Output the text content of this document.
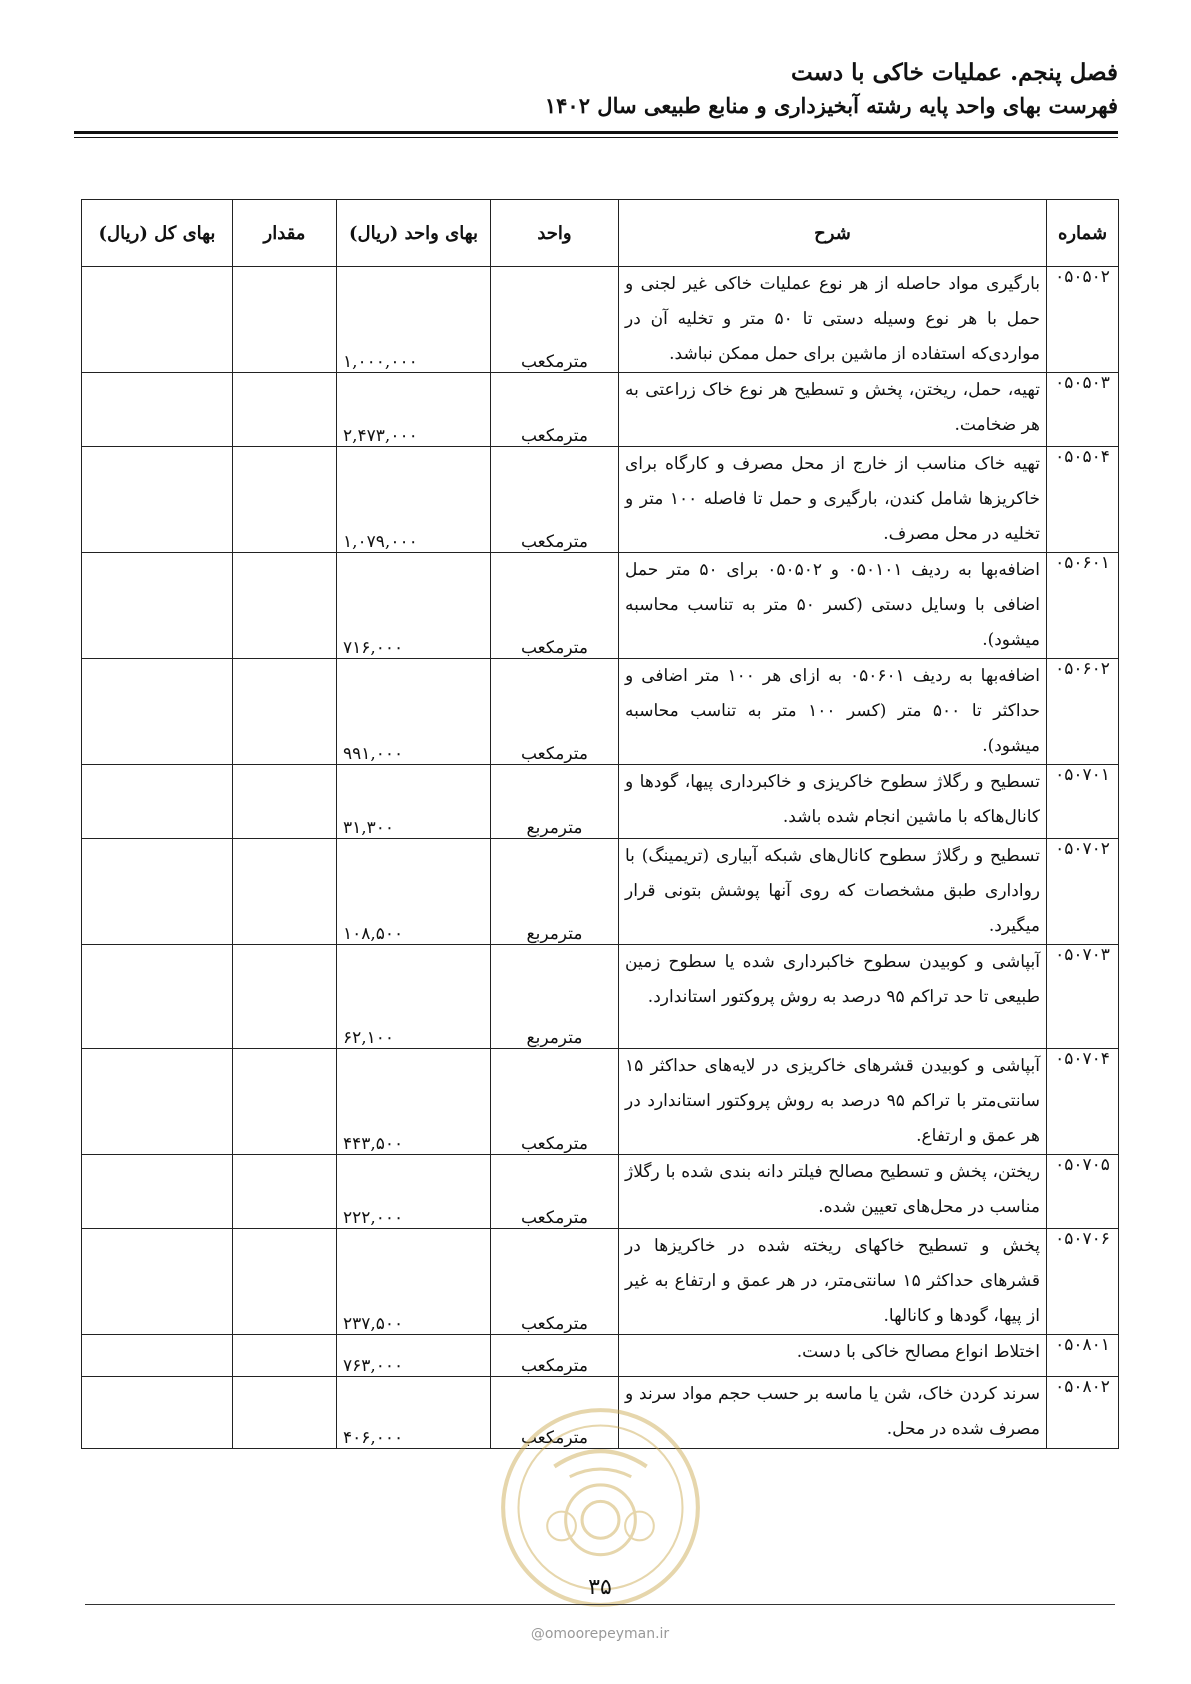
فصل پنجم. عملیات خاکی با دست
فهرست بهای واحد پایه رشته آبخیزداری و منابع طبیعی سال ۱۴۰۲
شماره	شرح	واحد	بهای واحد (ریال)	مقدار	بهای کل (ریال)
۰۵۰۵۰۲	بارگیری مواد حاصله از هر نوع عملیات خاکی غیر لجنی و حمل با هر نوع وسیله دستی تا ۵۰ متر و تخلیه آن در مواردی‌که استفاده از ماشین برای حمل ممکن نباشد.	مترمکعب	۱,۰۰۰,۰۰۰		
۰۵۰۵۰۳	تهیه، حمل، ریختن، پخش و تسطیح هر نوع خاک زراعتی به هر ضخامت.	مترمکعب	۲,۴۷۳,۰۰۰		
۰۵۰۵۰۴	تهیه خاک مناسب از خارج از محل مصرف و کارگاه برای خاکریزها شامل کندن، بارگیری و حمل تا فاصله ۱۰۰ متر و تخلیه در محل مصرف.	مترمکعب	۱,۰۷۹,۰۰۰		
۰۵۰۶۰۱	اضافه‌بها به ردیف ۰۵۰۱۰۱ و ۰۵۰۵۰۲ برای ۵۰ متر حمل اضافی با وسایل دستی (کسر ۵۰ متر به تناسب محاسبه میشود).	مترمکعب	۷۱۶,۰۰۰		
۰۵۰۶۰۲	اضافه‌بها به ردیف ۰۵۰۶۰۱ به ازای هر ۱۰۰ متر اضافی و حداکثر تا ۵۰۰ متر (کسر ۱۰۰ متر به تناسب محاسبه میشود).	مترمکعب	۹۹۱,۰۰۰		
۰۵۰۷۰۱	تسطیح و رگلاژ سطوح خاکریزی و خاکبرداری پیها، گودها و کانال‌ها‌که با ماشین انجام شده باشد.	مترمربع	۳۱,۳۰۰		
۰۵۰۷۰۲	تسطیح و رگلاژ سطوح کانال‌های شبکه آبیاری (تریمینگ) با رواداری طبق مشخصات که روی آنها پوشش بتونی قرار میگیرد.	مترمربع	۱۰۸,۵۰۰		
۰۵۰۷۰۳	آبپاشی و کوبیدن سطوح خاکبرداری شده یا سطوح زمین طبیعی تا حد تراکم ۹۵ درصد به روش پروکتور استاندارد.	مترمربع	۶۲,۱۰۰		
۰۵۰۷۰۴	آبپاشی و کوبیدن قشرهای خاکریزی در لایه‌های حداکثر ۱۵ سانتی‌متر با تراکم ۹۵ درصد به روش پروکتور استاندارد در هر عمق و ارتفاع.	مترمکعب	۴۴۳,۵۰۰		
۰۵۰۷۰۵	ریختن، پخش و تسطیح مصالح فیلتر دانه بندی شده با رگلاژ مناسب در محل‌های تعیین شده.	مترمکعب	۲۲۲,۰۰۰		
۰۵۰۷۰۶	پخش و تسطیح خاکهای ریخته شده در خاکریزها در قشرهای حداکثر ۱۵ سانتی‌متر، در هر عمق و ارتفاع به غیر از پیها، گودها و کانالها.	مترمکعب	۲۳۷,۵۰۰		
۰۵۰۸۰۱	اختلاط انواع مصالح خاکی با دست.	مترمکعب	۷۶۳,۰۰۰		
۰۵۰۸۰۲	سرند کردن خاک، شن یا ماسه بر حسب حجم مواد سرند و مصرف شده در محل.	مترمکعب	۴۰۶,۰۰۰		
۳۵
@omoorepeyman.ir
